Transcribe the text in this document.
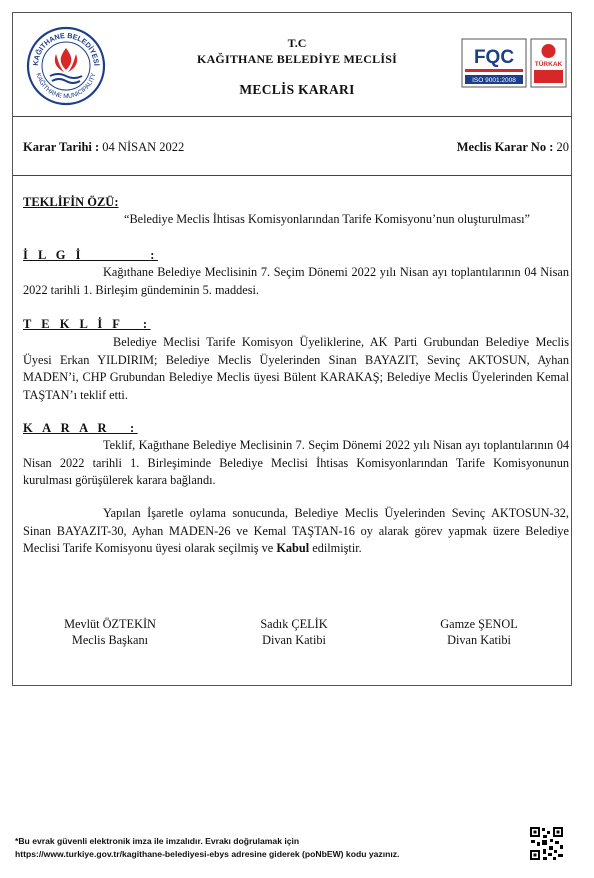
KAĞITHANE BELEDİYESİ
KAĞITHANE MUNICIPALITY
FQC
ISO 9001:2008
TÜRKAK
T.C
KAĞITHANE BELEDİYE MECLİSİ
MECLİS KARARI
Karar Tarihi : 04 NİSAN 2022	Meclis Karar No : 20
TEKLİFİN ÖZÜ:
“Belediye Meclis İhtisas Komisyonlarından Tarife Komisyonu’nun oluşturulması”
İ L G İ	:
Kağıthane Belediye Meclisinin 7. Seçim Dönemi 2022 yılı Nisan ayı toplantılarının 04 Nisan 2022 tarihli 1. Birleşim gündeminin 5. maddesi.
T E K L İ F :
Belediye Meclisi Tarife Komisyon Üyeliklerine, AK Parti Grubundan Belediye Meclis Üyesi Erkan YILDIRIM; Belediye Meclis Üyelerinden Sinan BAYAZIT, Sevinç AKTOSUN, Ayhan MADEN’i, CHP Grubundan Belediye Meclis üyesi Bülent KARAKAŞ; Belediye Meclis Üyelerinden Kemal TAŞTAN’ı teklif etti.
K A R A R :
Teklif, Kağıthane Belediye Meclisinin 7. Seçim Dönemi 2022 yılı Nisan ayı toplantılarının 04 Nisan 2022 tarihli 1. Birleşiminde Belediye Meclisi İhtisas Komisyonlarından Tarife Komisyonunun kurulması görüşülerek karara bağlandı.
Yapılan İşaretle oylama sonucunda, Belediye Meclis Üyelerinden Sevinç AKTOSUN-32, Sinan BAYAZIT-30, Ayhan MADEN-26 ve Kemal TAŞTAN-16 oy alarak görev yapmak üzere Belediye Meclisi Tarife Komisyonu üyesi olarak seçilmiş ve Kabul edilmiştir.
Mevlüt ÖZTEKİN
Meclis Başkanı
Sadık ÇELİK
Divan Katibi
Gamze ŞENOL
Divan Katibi
*Bu evrak güvenli elektronik imza ile imzalıdır. Evrakı doğrulamak için
https://www.turkiye.gov.tr/kagithane-belediyesi-ebys adresine giderek (poNbEW) kodu yazınız.
